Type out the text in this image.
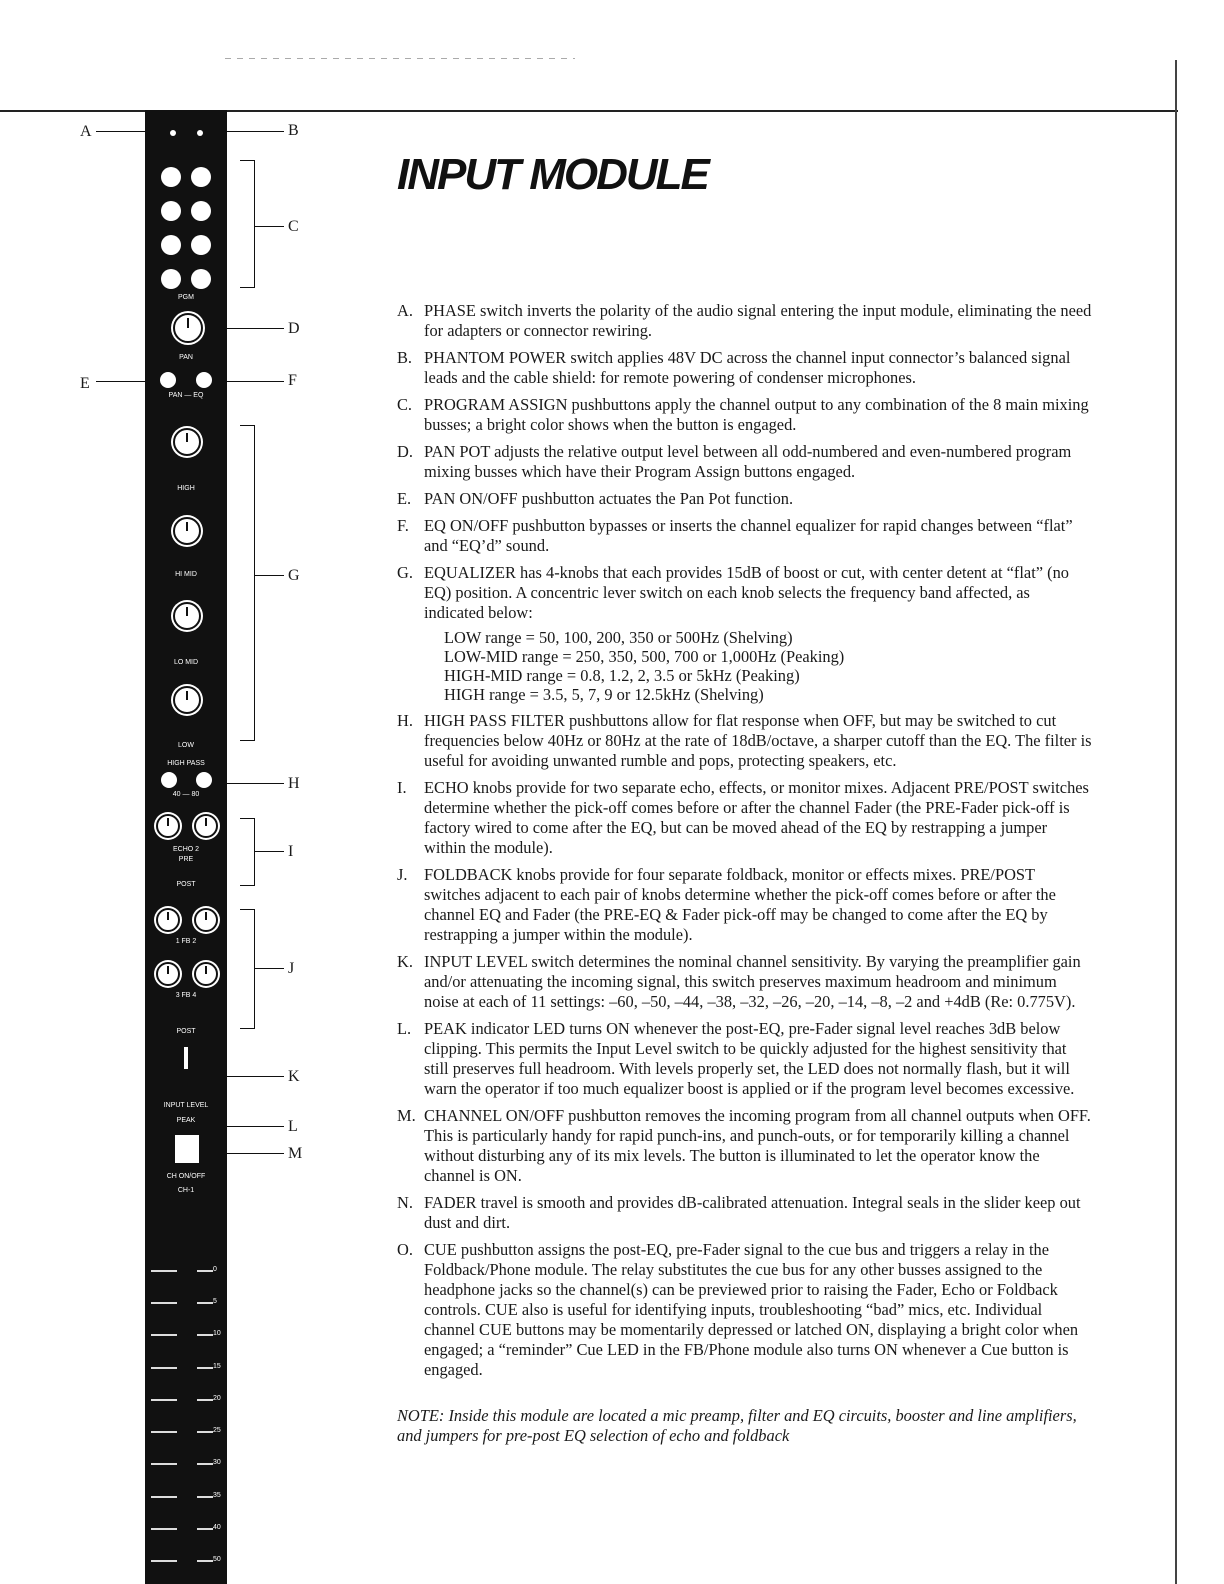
PGM
PAN
PAN — EQ
HIGH
HI MID
LO MID
LOW
HIGH PASS
40 — 80
ECHO 2
PRE
POST
1 FB 2
3 FB 4
POST
INPUT LEVEL
PEAK
CH ON/OFF
CH-1
0
5
10
15
20
25
30
35
40
50
A	B
C
D
E	F
G
H
I
J
K
L
M
INPUT MODULE
A. PHASE switch inverts the polarity of the audio signal entering the input module, eliminating the need for adapters or connector rewiring.
B. PHANTOM POWER switch applies 48V DC across the channel input connector’s balanced signal leads and the cable shield: for remote powering of condenser microphones.
C. PROGRAM ASSIGN pushbuttons apply the channel output to any combination of the 8 main mixing busses; a bright color shows when the button is engaged.
D. PAN POT adjusts the relative output level between all odd-numbered and even-numbered program mixing busses which have their Program Assign buttons engaged.
E. PAN ON/OFF pushbutton actuates the Pan Pot function.
F. EQ ON/OFF pushbutton bypasses or inserts the channel equalizer for rapid changes between “flat” and “EQ’d” sound.
G. EQUALIZER has 4-knobs that each provides 15dB of boost or cut, with center detent at “flat” (no EQ) position. A concentric lever switch on each knob selects the frequency band affected, as indicated below:
LOW range = 50, 100, 200, 350 or 500Hz (Shelving)
LOW-MID range = 250, 350, 500, 700 or 1,000Hz (Peaking)
HIGH-MID range = 0.8, 1.2, 2, 3.5 or 5kHz (Peaking)
HIGH range = 3.5, 5, 7, 9 or 12.5kHz (Shelving)
H. HIGH PASS FILTER pushbuttons allow for flat response when OFF, but may be switched to cut frequencies below 40Hz or 80Hz at the rate of 18dB/octave, a sharper cutoff than the EQ. The filter is useful for avoiding unwanted rumble and pops, protecting speakers, etc.
I. ECHO knobs provide for two separate echo, effects, or monitor mixes. Adjacent PRE/POST switches determine whether the pick-off comes before or after the channel Fader (the PRE-Fader pick-off is factory wired to come after the EQ, but can be moved ahead of the EQ by restrapping a jumper within the module).
J. FOLDBACK knobs provide for four separate foldback, monitor or effects mixes. PRE/POST switches adjacent to each pair of knobs determine whether the pick-off comes before or after the channel EQ and Fader (the PRE-EQ & Fader pick-off may be changed to come after the EQ by restrapping a jumper within the module).
K. INPUT LEVEL switch determines the nominal channel sensitivity. By varying the preamplifier gain and/or attenuating the incoming signal, this switch preserves maximum headroom and minimum noise at each of 11 settings: –60, –50, –44, –38, –32, –26, –20, –14, –8, –2 and +4dB (Re: 0.775V).
L. PEAK indicator LED turns ON whenever the post-EQ, pre-Fader signal level reaches 3dB below clipping. This permits the Input Level switch to be quickly adjusted for the highest sensitivity that still preserves full headroom. With levels properly set, the LED does not normally flash, but it will warn the operator if too much equalizer boost is applied or if the program level becomes excessive.
M. CHANNEL ON/OFF pushbutton removes the incoming program from all channel outputs when OFF. This is particularly handy for rapid punch-ins, and punch-outs, or for temporarily killing a channel without disturbing any of its mix levels. The button is illuminated to let the operator know the channel is ON.
N. FADER travel is smooth and provides dB-calibrated attenuation. Integral seals in the slider keep out dust and dirt.
O. CUE pushbutton assigns the post-EQ, pre-Fader signal to the cue bus and triggers a relay in the Foldback/Phone module. The relay substitutes the cue bus for any other busses assigned to the headphone jacks so the channel(s) can be previewed prior to raising the Fader, Echo or Foldback controls. CUE also is useful for identifying inputs, troubleshooting “bad” mics, etc. Individual channel CUE buttons may be momentarily depressed or latched ON, displaying a bright color when engaged; a “reminder” Cue LED in the FB/Phone module also turns ON whenever a Cue button is engaged.
NOTE: Inside this module are located a mic preamp, filter and EQ circuits, booster and line amplifiers, and jumpers for pre-post EQ selection of echo and foldback
